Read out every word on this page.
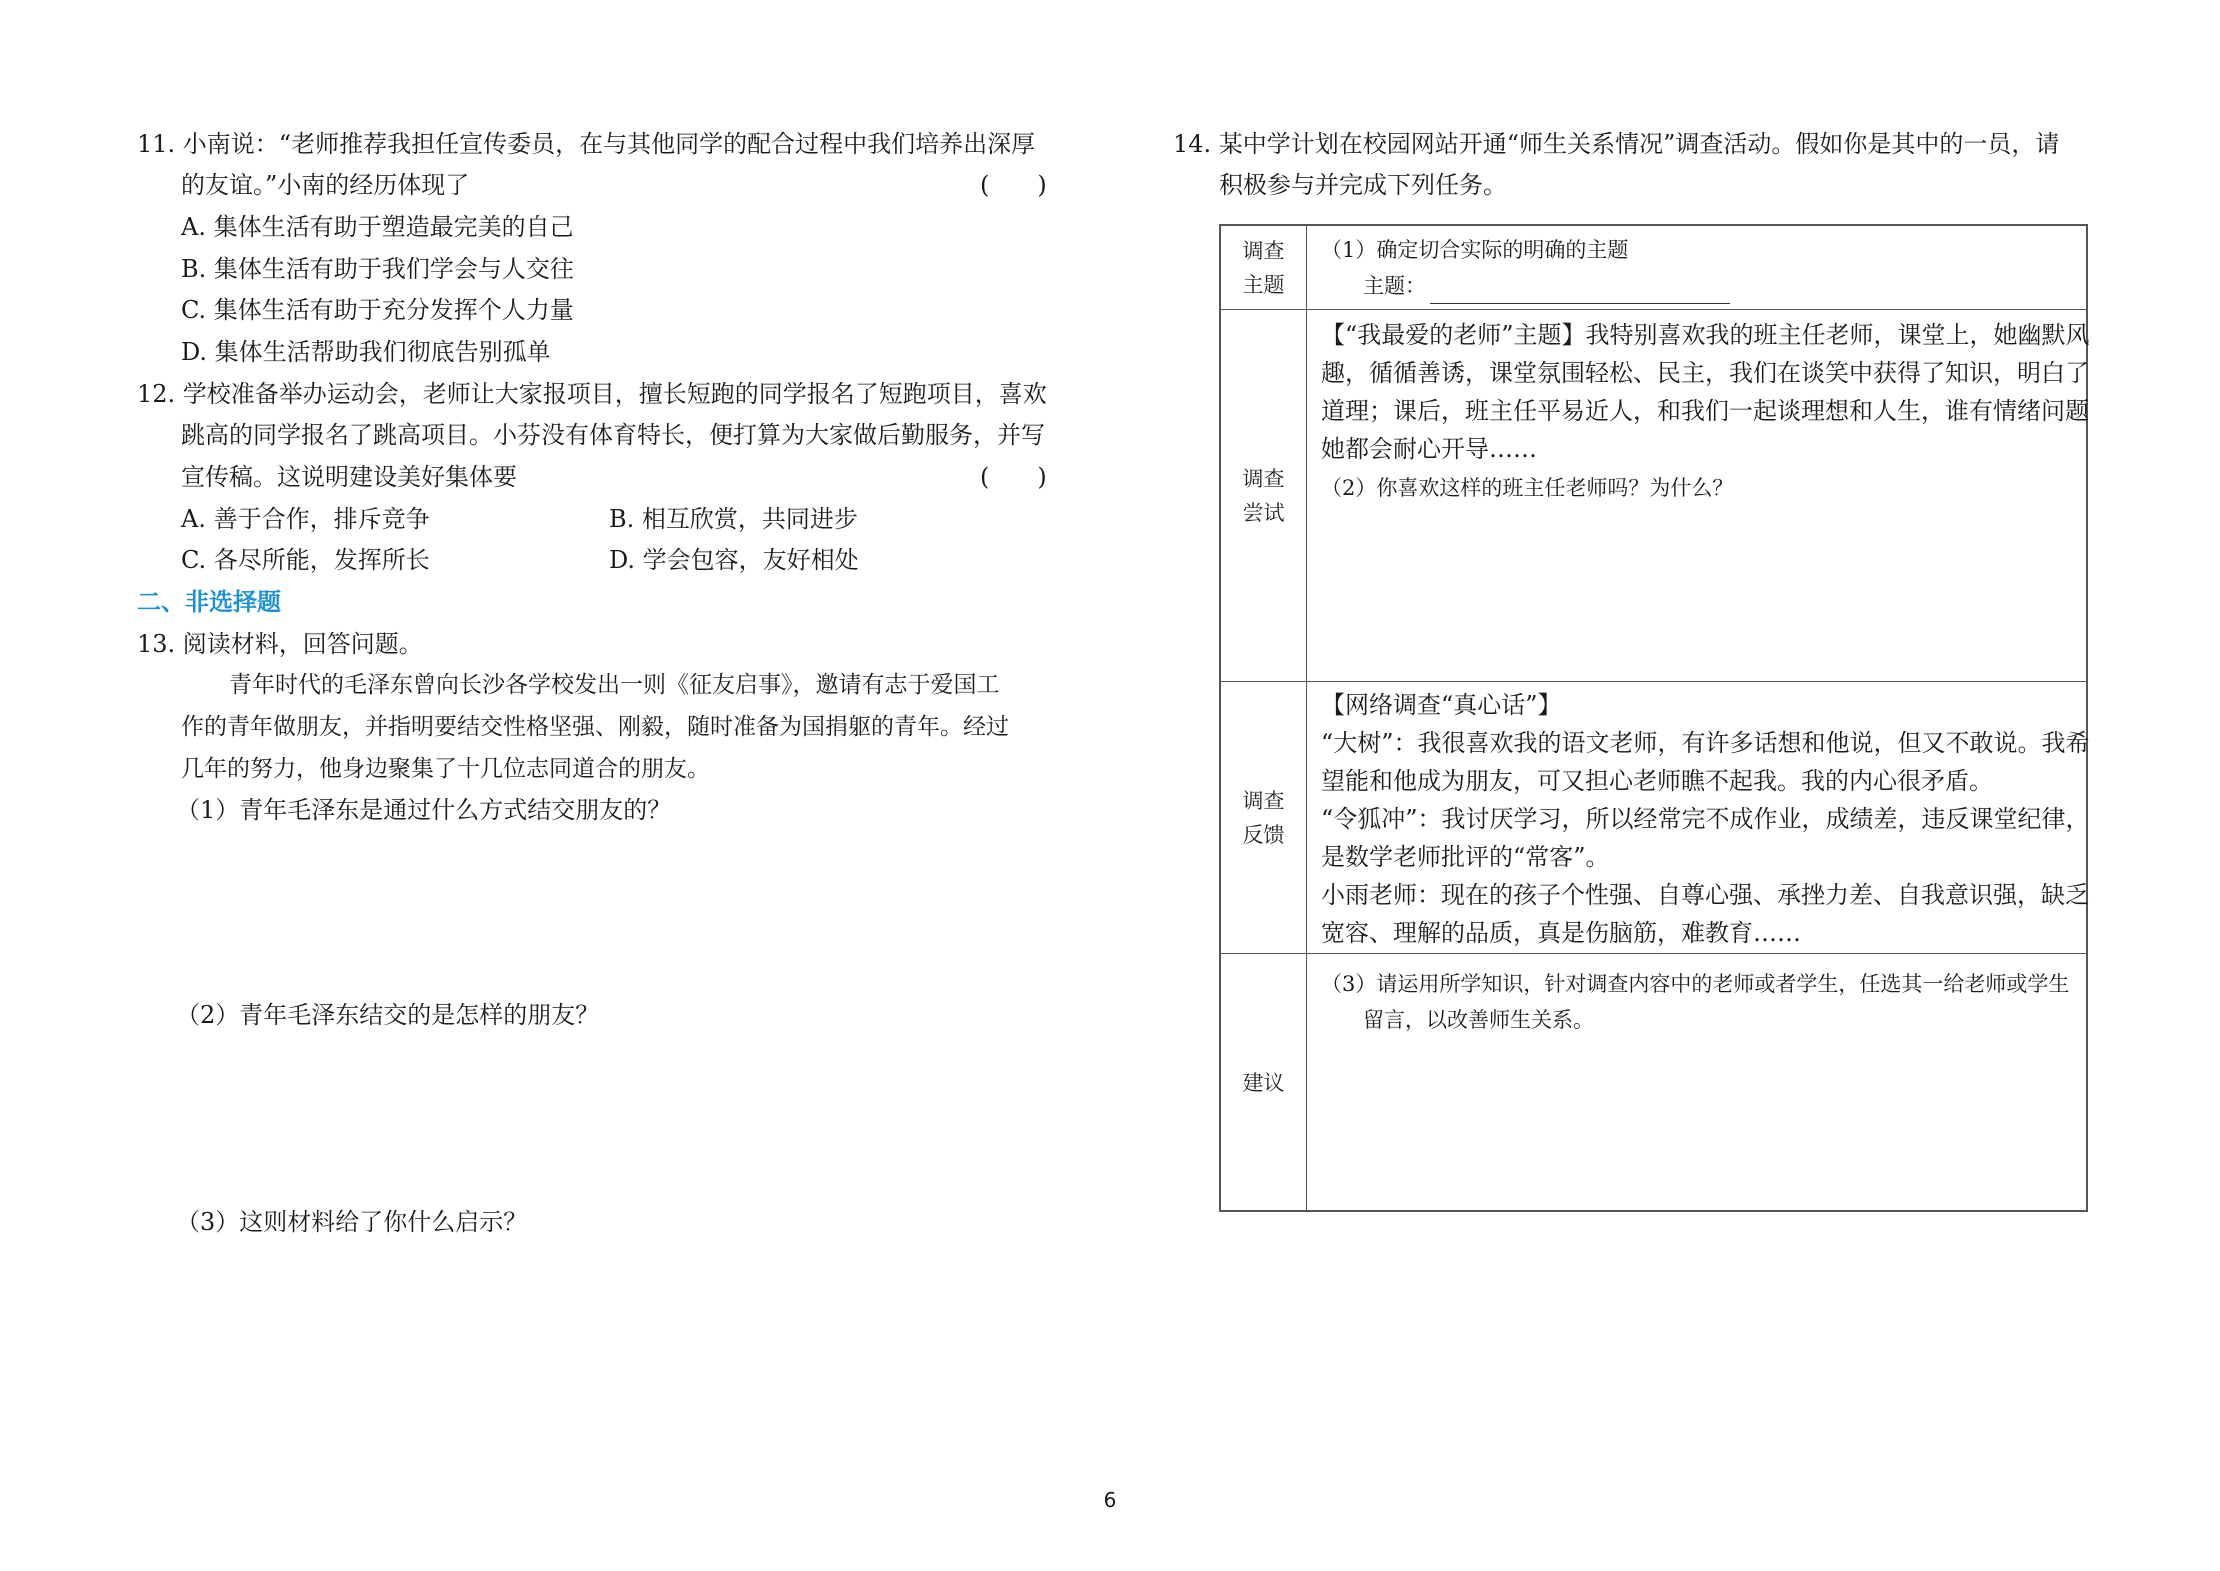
11. 小南说：“老师推荐我担任宣传委员，在与其他同学的配合过程中我们培养出深厚
的友谊。”小南的经历体现了	(　　)
A. 集体生活有助于塑造最完美的自己
B. 集体生活有助于我们学会与人交往
C. 集体生活有助于充分发挥个人力量
D. 集体生活帮助我们彻底告别孤单
12. 学校准备举办运动会，老师让大家报项目，擅长短跑的同学报名了短跑项目，喜欢
跳高的同学报名了跳高项目。小芬没有体育特长，便打算为大家做后勤服务，并写
宣传稿。这说明建设美好集体要	(　　)
A. 善于合作，排斥竞争	B. 相互欣赏，共同进步
C. 各尽所能，发挥所长	D. 学会包容，友好相处
二、非选择题
13. 阅读材料，回答问题。
青年时代的毛泽东曾向长沙各学校发出一则《征友启事》，邀请有志于爱国工
作的青年做朋友，并指明要结交性格坚强、刚毅，随时准备为国捐躯的青年。经过
几年的努力，他身边聚集了十几位志同道合的朋友。
（1）青年毛泽东是通过什么方式结交朋友的？
（2）青年毛泽东结交的是怎样的朋友？
（3）这则材料给了你什么启示？
14. 某中学计划在校园网站开通“师生关系情况”调查活动。假如你是其中的一员，请
积极参与并完成下列任务。
调查主题
（1）确定切合实际的明确的主题
主题：
调查尝试
【“我最爱的老师”主题】我特别喜欢我的班主任老师，课堂上，她幽默风
趣，循循善诱，课堂氛围轻松、民主，我们在谈笑中获得了知识，明白了
道理；课后，班主任平易近人，和我们一起谈理想和人生，谁有情绪问题
她都会耐心开导……
（2）你喜欢这样的班主任老师吗？为什么？
调查反馈
【网络调查“真心话”】
“大树”：我很喜欢我的语文老师，有许多话想和他说，但又不敢说。我希
望能和他成为朋友，可又担心老师瞧不起我。我的内心很矛盾。
“令狐冲”：我讨厌学习，所以经常完不成作业，成绩差，违反课堂纪律，
是数学老师批评的“常客”。
小雨老师：现在的孩子个性强、自尊心强、承挫力差、自我意识强，缺乏
宽容、理解的品质，真是伤脑筋，难教育……
建议
（3）请运用所学知识，针对调查内容中的老师或者学生，任选其一给老师或学生
留言，以改善师生关系。
6
